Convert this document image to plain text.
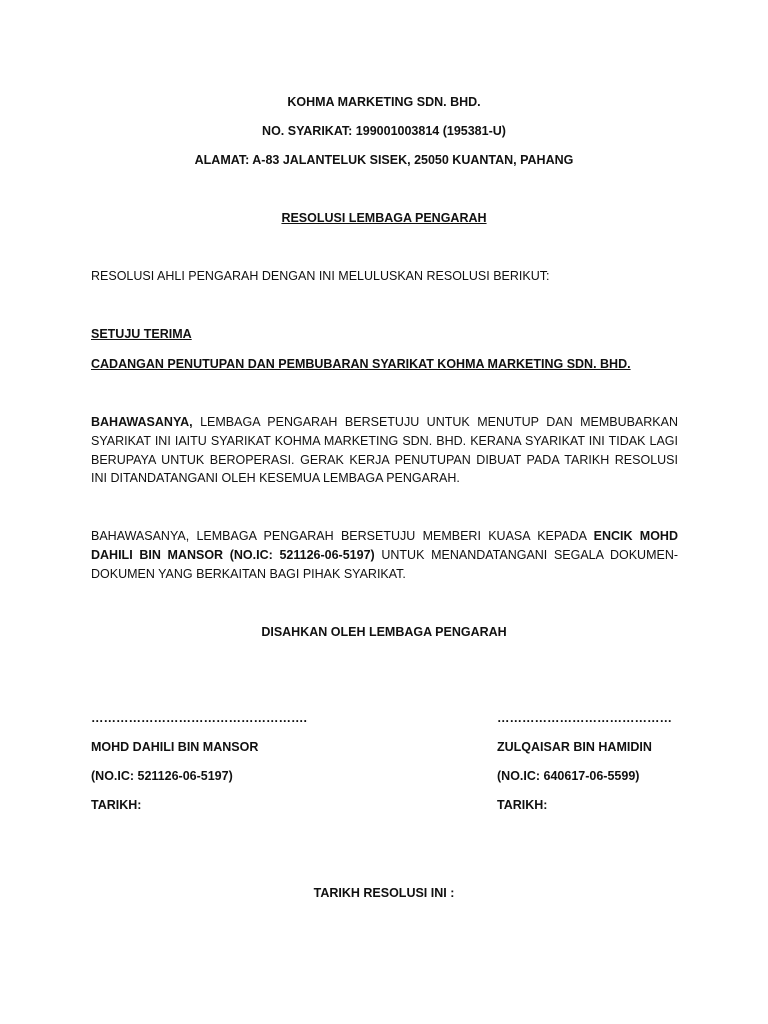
KOHMA MARKETING SDN. BHD.
NO. SYARIKAT: 199001003814 (195381-U)
ALAMAT: A-83 JALANTELUK SISEK, 25050 KUANTAN, PAHANG
RESOLUSI LEMBAGA PENGARAH
RESOLUSI AHLI PENGARAH DENGAN INI MELULUSKAN RESOLUSI BERIKUT:
SETUJU TERIMA
CADANGAN PENUTUPAN DAN PEMBUBARAN SYARIKAT KOHMA MARKETING SDN. BHD.
BAHAWASANYA, LEMBAGA PENGARAH BERSETUJU UNTUK MENUTUP DAN MEMBUBARKAN SYARIKAT INI IAITU SYARIKAT KOHMA MARKETING SDN. BHD. KERANA SYARIKAT INI TIDAK LAGI BERUPAYA UNTUK BEROPERASI. GERAK KERJA PENUTUPAN DIBUAT PADA TARIKH RESOLUSI INI DITANDATANGANI OLEH KESEMUA LEMBAGA PENGARAH.
BAHAWASANYA, LEMBAGA PENGARAH BERSETUJU MEMBERI KUASA KEPADA ENCIK MOHD DAHILI BIN MANSOR (NO.IC: 521126-06-5197) UNTUK MENANDATANGANI SEGALA DOKUMEN-DOKUMEN YANG BERKAITAN BAGI PIHAK SYARIKAT.
DISAHKAN OLEH LEMBAGA PENGARAH
…………………………………………….
MOHD DAHILI BIN MANSOR
(NO.IC: 521126-06-5197)
TARIKH:
……………………………………
ZULQAISAR BIN HAMIDIN
(NO.IC: 640617-06-5599)
TARIKH:
TARIKH RESOLUSI INI :
